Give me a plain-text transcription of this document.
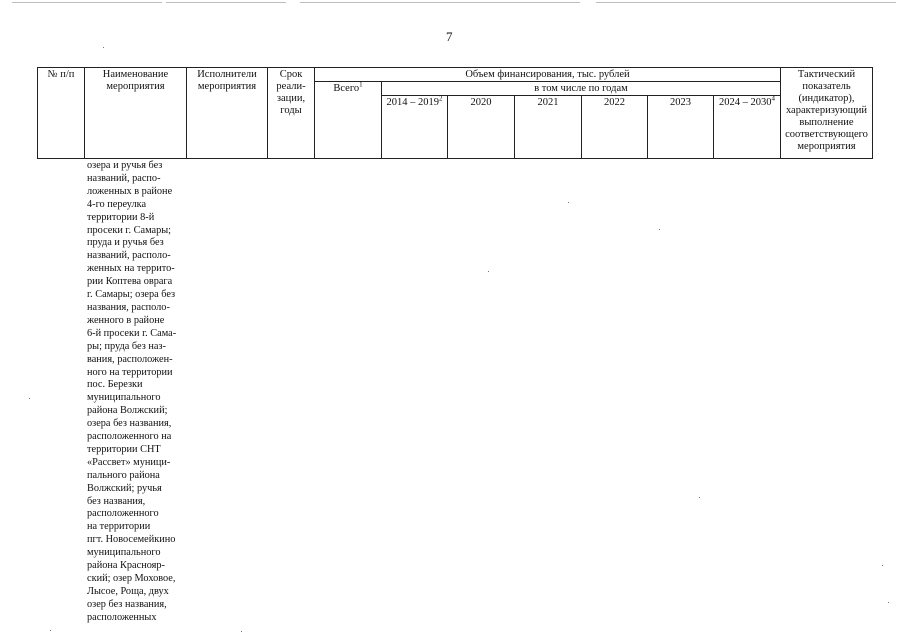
7
№ п/п	Наименование мероприятия	Исполнители мероприятия	Срок реали-зации, годы	Объем финансирования, тыс. рублей							Тактический показатель (индикатор), характеризующий выполнение соответствующего мероприятия
				Всего$^1$	в том числе по годам						
					2014 – 2019$^2$	2020	2021	2022	2023	2024 – 2030$^4$
озера и ручья без
названий, распо-
ложенных в районе
4-го переулка
территории 8-й
просеки г. Самары;
пруда и ручья без
названий, располо-
женных на террито-
рии Коптева оврага
г. Самары; озера без
названия, располо-
женного в районе
6-й просеки г. Сама-
ры; пруда без наз-
вания, расположен-
ного на территории
пос. Березки
муниципального
района Волжский;
озера без названия,
расположенного на
территории СНТ
«Рассвет» муници-
пального района
Волжский; ручья
без названия,
расположенного
на территории
пгт. Новосемейкино
муниципального
района Краснояр-
ский; озер Моховое,
Лысое, Роща, двух
озер без названия,
расположенных
